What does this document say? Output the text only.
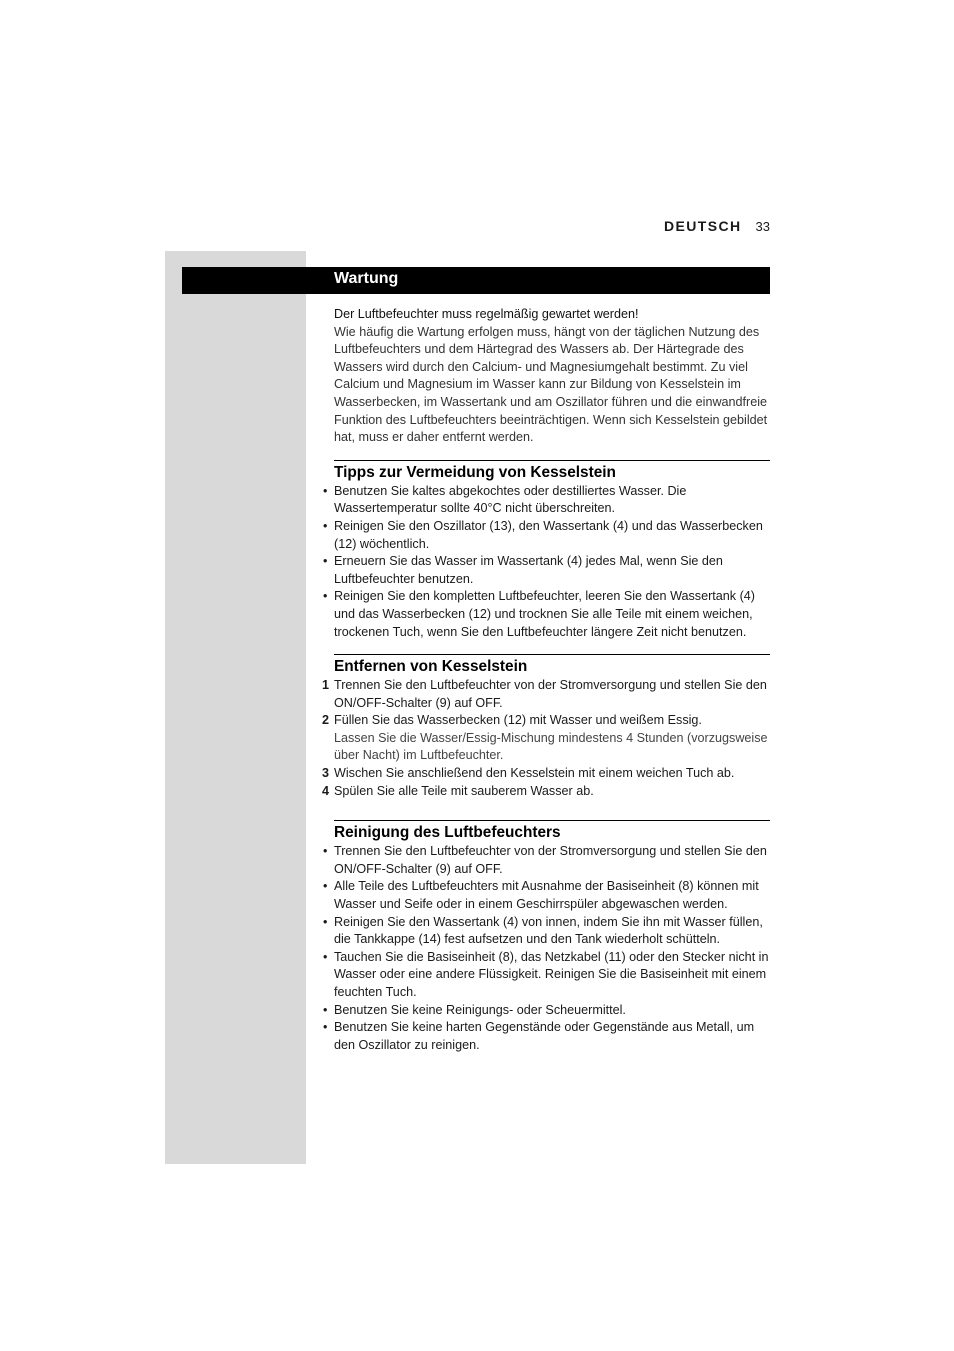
DEUTSCH 33
Wartung

Der Luftbefeuchter muss regelmäßig gewartet werden!

Wie häufig die Wartung erfolgen muss, hängt von der täglichen Nutzung des Luftbefeuchters und dem Härtegrad des Wassers ab. Der Härtegrade des Wassers wird durch den Calcium- und Magnesiumgehalt bestimmt. Zu viel Calcium und Magnesium im Wasser kann zur Bildung von Kesselstein im Wasserbecken, im Wassertank und am Oszillator führen und die einwandfreie Funktion des Luftbefeuchters beeinträchtigen. Wenn sich Kesselstein gebildet hat, muss er daher entfernt werden.

Tipps zur Vermeidung von Kesselstein
• Benutzen Sie kaltes abgekochtes oder destilliertes Wasser. Die Wassertemperatur sollte 40°C nicht überschreiten.
• Reinigen Sie den Oszillator (13), den Wassertank (4) und das Wasserbecken (12) wöchentlich.
• Erneuern Sie das Wasser im Wassertank (4) jedes Mal, wenn Sie den Luftbefeuchter benutzen.
• Reinigen Sie den kompletten Luftbefeuchter, leeren Sie den Wassertank (4) und das Wasserbecken (12) und trocknen Sie alle Teile mit einem weichen, trockenen Tuch, wenn Sie den Luftbefeuchter längere Zeit nicht benutzen.
Entfernen von Kesselstein
1 Trennen Sie den Luftbefeuchter von der Stromversorgung und stellen Sie den ON/OFF-Schalter (9) auf OFF.
2 Füllen Sie das Wasserbecken (12) mit Wasser und weißem Essig.

Lassen Sie die Wasser/Essig-Mischung mindestens 4 Stunden (vorzugsweise über Nacht) im Luftbefeuchter.

3 Wischen Sie anschließend den Kesselstein mit einem weichen Tuch ab.
4 Spülen Sie alle Teile mit sauberem Wasser ab.
Reinigung des Luftbefeuchters
• Trennen Sie den Luftbefeuchter von der Stromversorgung und stellen Sie den ON/OFF-Schalter (9) auf OFF.
• Alle Teile des Luftbefeuchters mit Ausnahme der Basiseinheit (8) können mit Wasser und Seife oder in einem Geschirrspüler abgewaschen werden.
• Reinigen Sie den Wassertank (4) von innen, indem Sie ihn mit Wasser füllen, die Tankkappe (14) fest aufsetzen und den Tank wiederholt schütteln.
• Tauchen Sie die Basiseinheit (8), das Netzkabel (11) oder den Stecker nicht in Wasser oder eine andere Flüssigkeit. Reinigen Sie die Basiseinheit mit einem feuchten Tuch.
• Benutzen Sie keine Reinigungs- oder Scheuermittel.
• Benutzen Sie keine harten Gegenstände oder Gegenstände aus Metall, um den Oszillator zu reinigen.
